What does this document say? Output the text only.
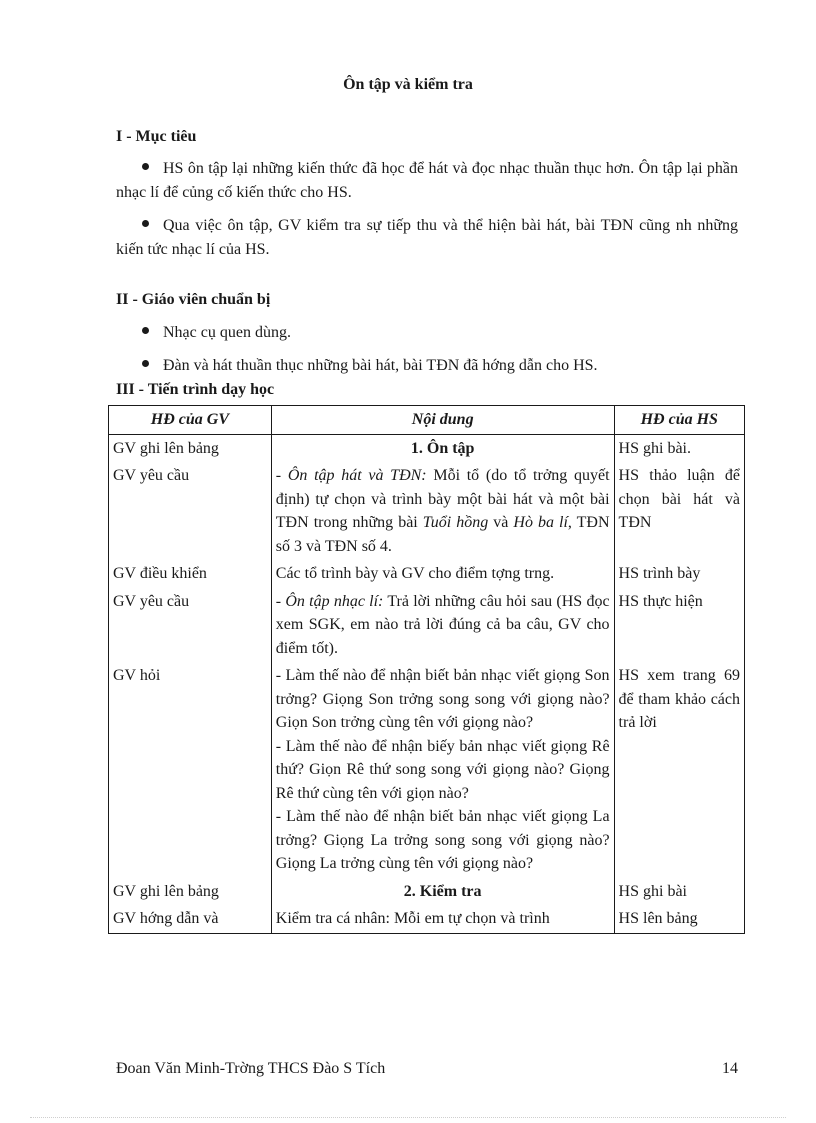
Ôn tập và kiểm tra
I - Mục tiêu
HS ôn tập lại những kiến thức đã học để hát và đọc nhạc thuần thục hơn. Ôn tập lại phần nhạc lí để củng cố kiến thức cho HS.
Qua việc ôn tập, GV kiểm tra sự tiếp thu và thể hiện bài hát, bài TĐN cũng nh những kiến tức nhạc lí của HS.
II - Giáo viên chuẩn bị
Nhạc cụ quen dùng.
Đàn và hát thuần thục những bài hát, bài TĐN đã hớng dẫn cho HS.
III - Tiến trình dạy học
HĐ của GV	Nội dung	HĐ của HS
GV ghi lên bảng	1. Ôn tập	HS ghi bài.
GV yêu cầu	- Ôn tập hát và TĐN: Mỗi tổ (do tổ trởng quyết định) tự chọn và trình bày một bài hát và một bài TĐN trong những bài Tuổi hồng và Hò ba lí, TĐN số 3 và TĐN số 4.	HS thảo luận để chọn bài hát và TĐN
GV điều khiển	Các tổ trình bày và GV cho điểm tợng trng.	HS trình bày
GV yêu cầu	- Ôn tập nhạc lí: Trả lời những câu hỏi sau (HS đọc xem SGK, em nào trả lời đúng cả ba câu, GV cho điểm tốt).	HS thực hiện
GV hỏi	- Làm thế nào để nhận biết bản nhạc viết giọng Son trởng? Giọng Son trởng song song với giọng nào? Giọn Son trởng cùng tên với giọng nào?
- Làm thế nào để nhận biếy bản nhạc viết giọng Rê thứ? Giọn Rê thứ song song với giọng nào? Giọng Rê thứ cùng tên với giọn nào?
- Làm thế nào để nhận biết bản nhạc viết giọng La trởng? Giọng La trởng song song với giọng nào? Giọng La trởng cùng tên với giọng nào?	HS xem trang 69 để tham khảo cách trả lời
GV ghi lên bảng	2. Kiểm tra	HS ghi bài
GV hớng dẫn và	Kiểm tra cá nhân: Mỗi em tự chọn và trình	HS lên bảng
Đoan Văn Minh-Trờng THCS Đào S Tích	14
